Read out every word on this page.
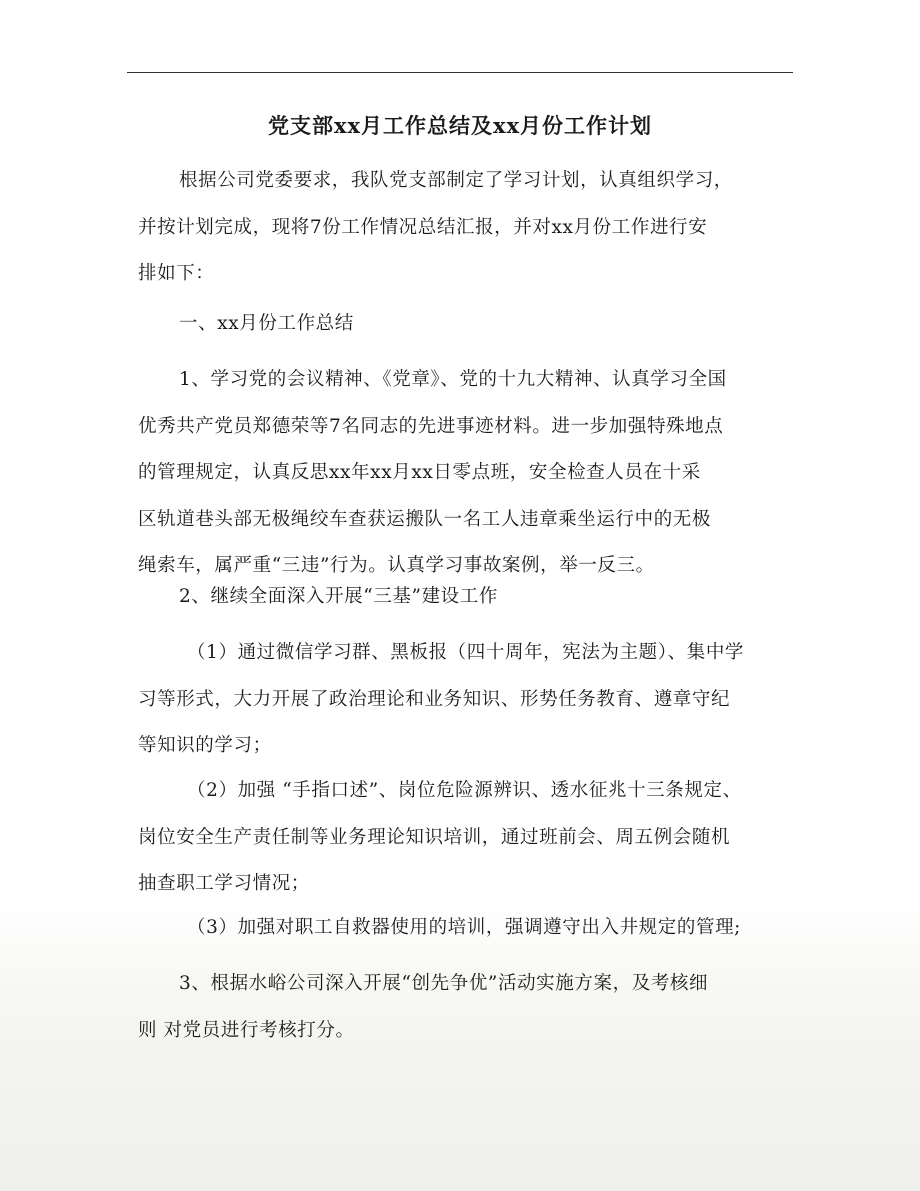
党支部xx月工作总结及xx月份工作计划
根据公司党委要求，我队党支部制定了学习计划，认真组织学习，
并按计划完成，现将7份工作情况总结汇报，并对xx月份工作进行安
排如下：
一、xx月份工作总结
1、学习党的会议精神、《党章》、党的十九大精神、认真学习全国
优秀共产党员郑德荣等7名同志的先进事迹材料。进一步加强特殊地点
的管理规定，认真反思xx年xx月xx日零点班，安全检查人员在十采
区轨道巷头部无极绳绞车查获运搬队一名工人违章乘坐运行中的无极
绳索车，属严重“三违”行为。认真学习事故案例，举一反三。
2、继续全面深入开展“三基”建设工作
（1）通过微信学习群、黑板报（四十周年，宪法为主题）、集中学
习等形式，大力开展了政治理论和业务知识、形势任务教育、遵章守纪
等知识的学习；
（2）加强 “手指口述”、岗位危险源辨识、透水征兆十三条规定、
岗位安全生产责任制等业务理论知识培训，通过班前会、周五例会随机
抽查职工学习情况；
（3）加强对职工自救器使用的培训，强调遵守出入井规定的管理;
3、根据水峪公司深入开展“创先争优”活动实施方案，及考核细
则 对党员进行考核打分。
